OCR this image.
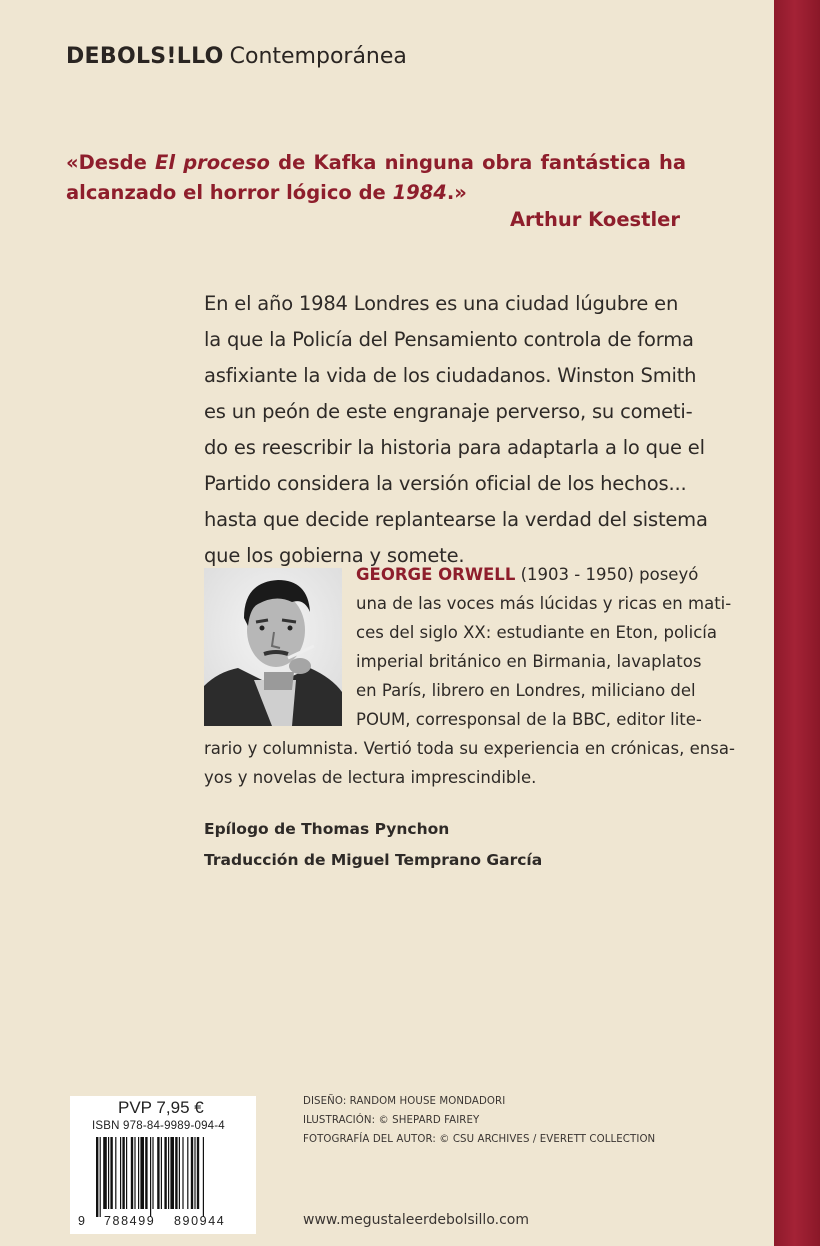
DEBOLS!LLO Contemporánea
«Desde El proceso de Kafka ninguna obra fantástica ha alcanzado el horror lógico de 1984.»
Arthur Koestler
En el año 1984 Londres es una ciudad lúgubre en
la que la Policía del Pensamiento controla de forma
asfixiante la vida de los ciudadanos. Winston Smith
es un peón de este engranaje perverso, su cometi-
do es reescribir la historia para adaptarla a lo que el
Partido considera la versión oficial de los hechos...
hasta que decide replantearse la verdad del sistema
que los gobierna y somete.
GEORGE ORWELL (1903 - 1950) poseyó
una de las voces más lúcidas y ricas en mati-
ces del siglo XX: estudiante en Eton, policía
imperial británico en Birmania, lavaplatos
en París, librero en Londres, miliciano del
POUM, corresponsal de la BBC, editor lite-
rario y columnista. Vertió toda su experiencia en crónicas, ensa-
yos y novelas de lectura imprescindible.
Epílogo de Thomas Pynchon
Traducción de Miguel Temprano García
PVP 7,95 €
ISBN 978-84-9989-094-4
9 788499 890944
DISEÑO: RANDOM HOUSE MONDADORI
ILUSTRACIÓN: © SHEPARD FAIREY
FOTOGRAFÍA DEL AUTOR: © CSU ARCHIVES / EVERETT COLLECTION
www.megustaleerdebolsillo.com
